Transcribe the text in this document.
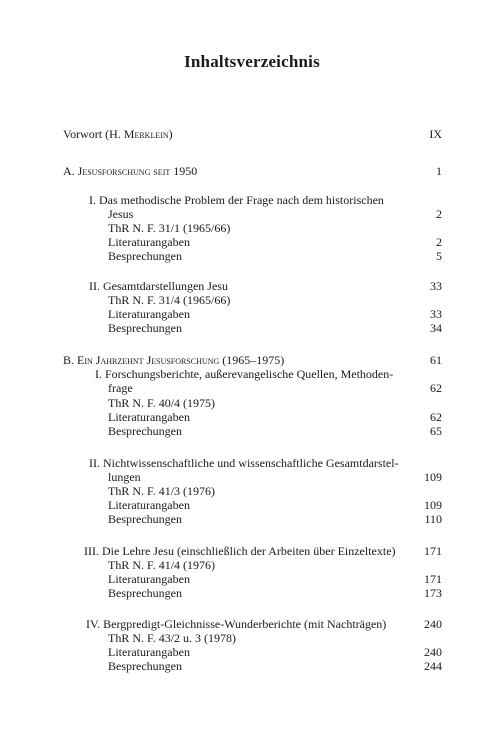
Inhaltsverzeichnis
Vorwort (H. Merklein)	IX
A. Jesusforschung seit 1950	1
I. Das methodische Problem der Frage nach dem historischen
Jesus	2
ThR N. F. 31/1 (1965/66)
Literaturangaben	2
Besprechungen	5
II. Gesamtdarstellungen Jesu	33
ThR N. F. 31/4 (1965/66)
Literaturangaben	33
Besprechungen	34
B. Ein Jahrzehnt Jesusforschung (1965–1975)	61
I. Forschungsberichte, außerevangelische Quellen, Methoden-
frage	62
ThR N. F. 40/4 (1975)
Literaturangaben	62
Besprechungen	65
II. Nichtwissenschaftliche und wissenschaftliche Gesamtdarstel-
lungen	109
ThR N. F. 41/3 (1976)
Literaturangaben	109
Besprechungen	110
III. Die Lehre Jesu (einschließlich der Arbeiten über Einzeltexte) 171
ThR N. F. 41/4 (1976)
Literaturangaben	171
Besprechungen	173
IV. Bergpredigt-Gleichnisse-Wunderberichte (mit Nachträgen)	240
ThR N. F. 43/2 u. 3 (1978)
Literaturangaben	240
Besprechungen	244
